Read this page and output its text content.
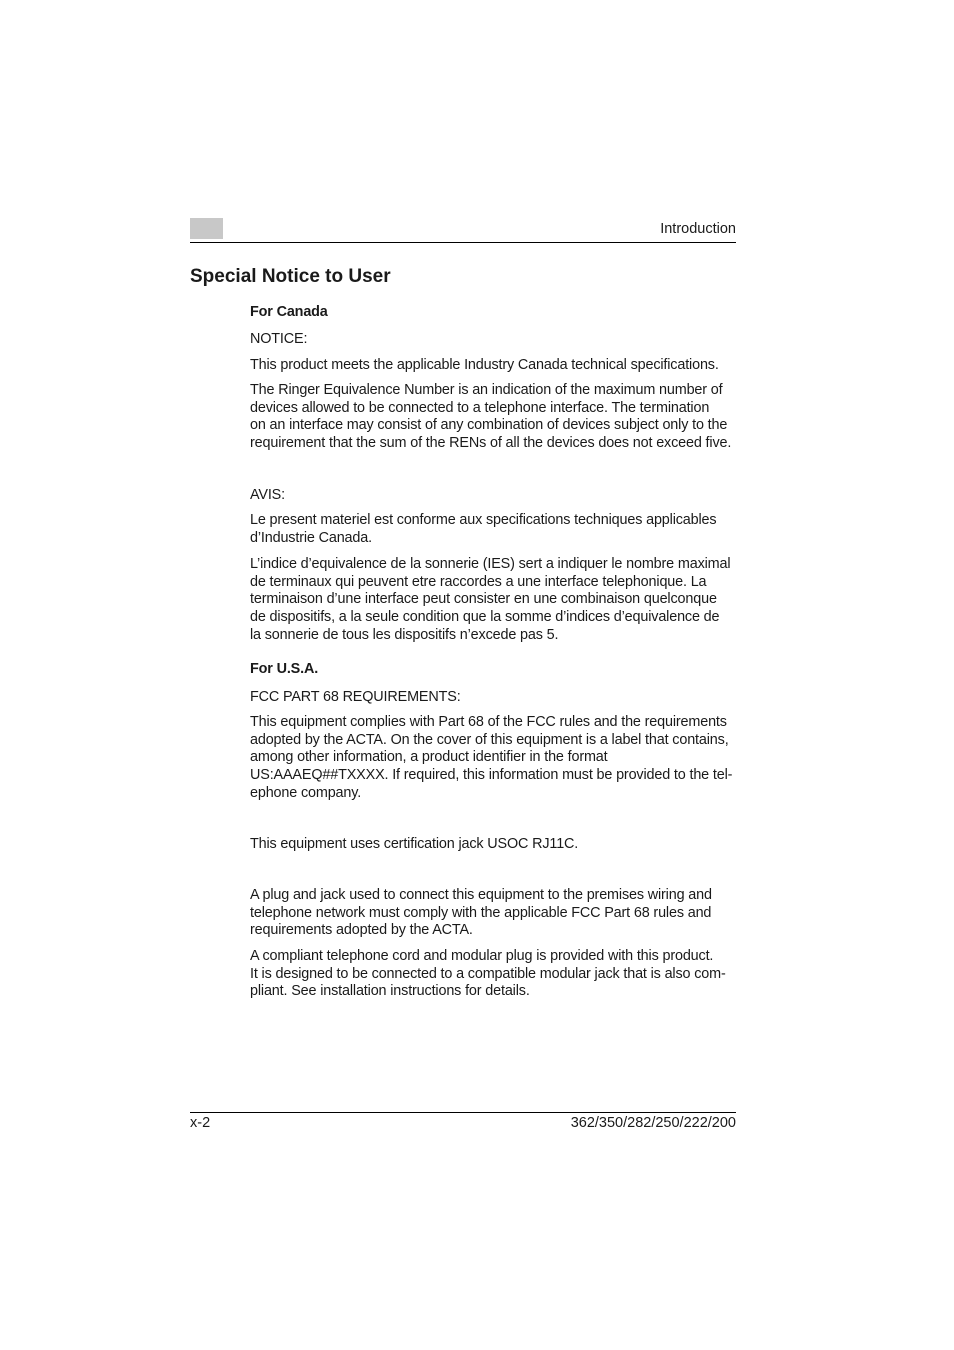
Introduction
Special Notice to User
For Canada

NOTICE:

This product meets the applicable Industry Canada technical specifications.

The Ringer Equivalence Number is an indication of the maximum number of
devices allowed to be connected to a telephone interface. The termination
on an interface may consist of any combination of devices subject only to the
requirement that the sum of the RENs of all the devices does not exceed five.

AVIS:

Le present materiel est conforme aux specifications techniques applicables
d’Industrie Canada.

L’indice d’equivalence de la sonnerie (IES) sert a indiquer le nombre maximal
de terminaux qui peuvent etre raccordes a une interface telephonique. La
terminaison d’une interface peut consister en une combinaison quelconque
de dispositifs, a la seule condition que la somme d’indices d’equivalence de
la sonnerie de tous les dispositifs n’excede pas 5.

For U.S.A.

FCC PART 68 REQUIREMENTS:

This equipment complies with Part 68 of the FCC rules and the requirements
adopted by the ACTA. On the cover of this equipment is a label that contains,
among other information, a product identifier in the format
US:AAAEQ##TXXXX. If required, this information must be provided to the tel-
ephone company.

This equipment uses certification jack USOC RJ11C.

A plug and jack used to connect this equipment to the premises wiring and
telephone network must comply with the applicable FCC Part 68 rules and
requirements adopted by the ACTA.

A compliant telephone cord and modular plug is provided with this product.
It is designed to be connected to a compatible modular jack that is also com-
pliant. See installation instructions for details.

x-2	362/350/282/250/222/200
